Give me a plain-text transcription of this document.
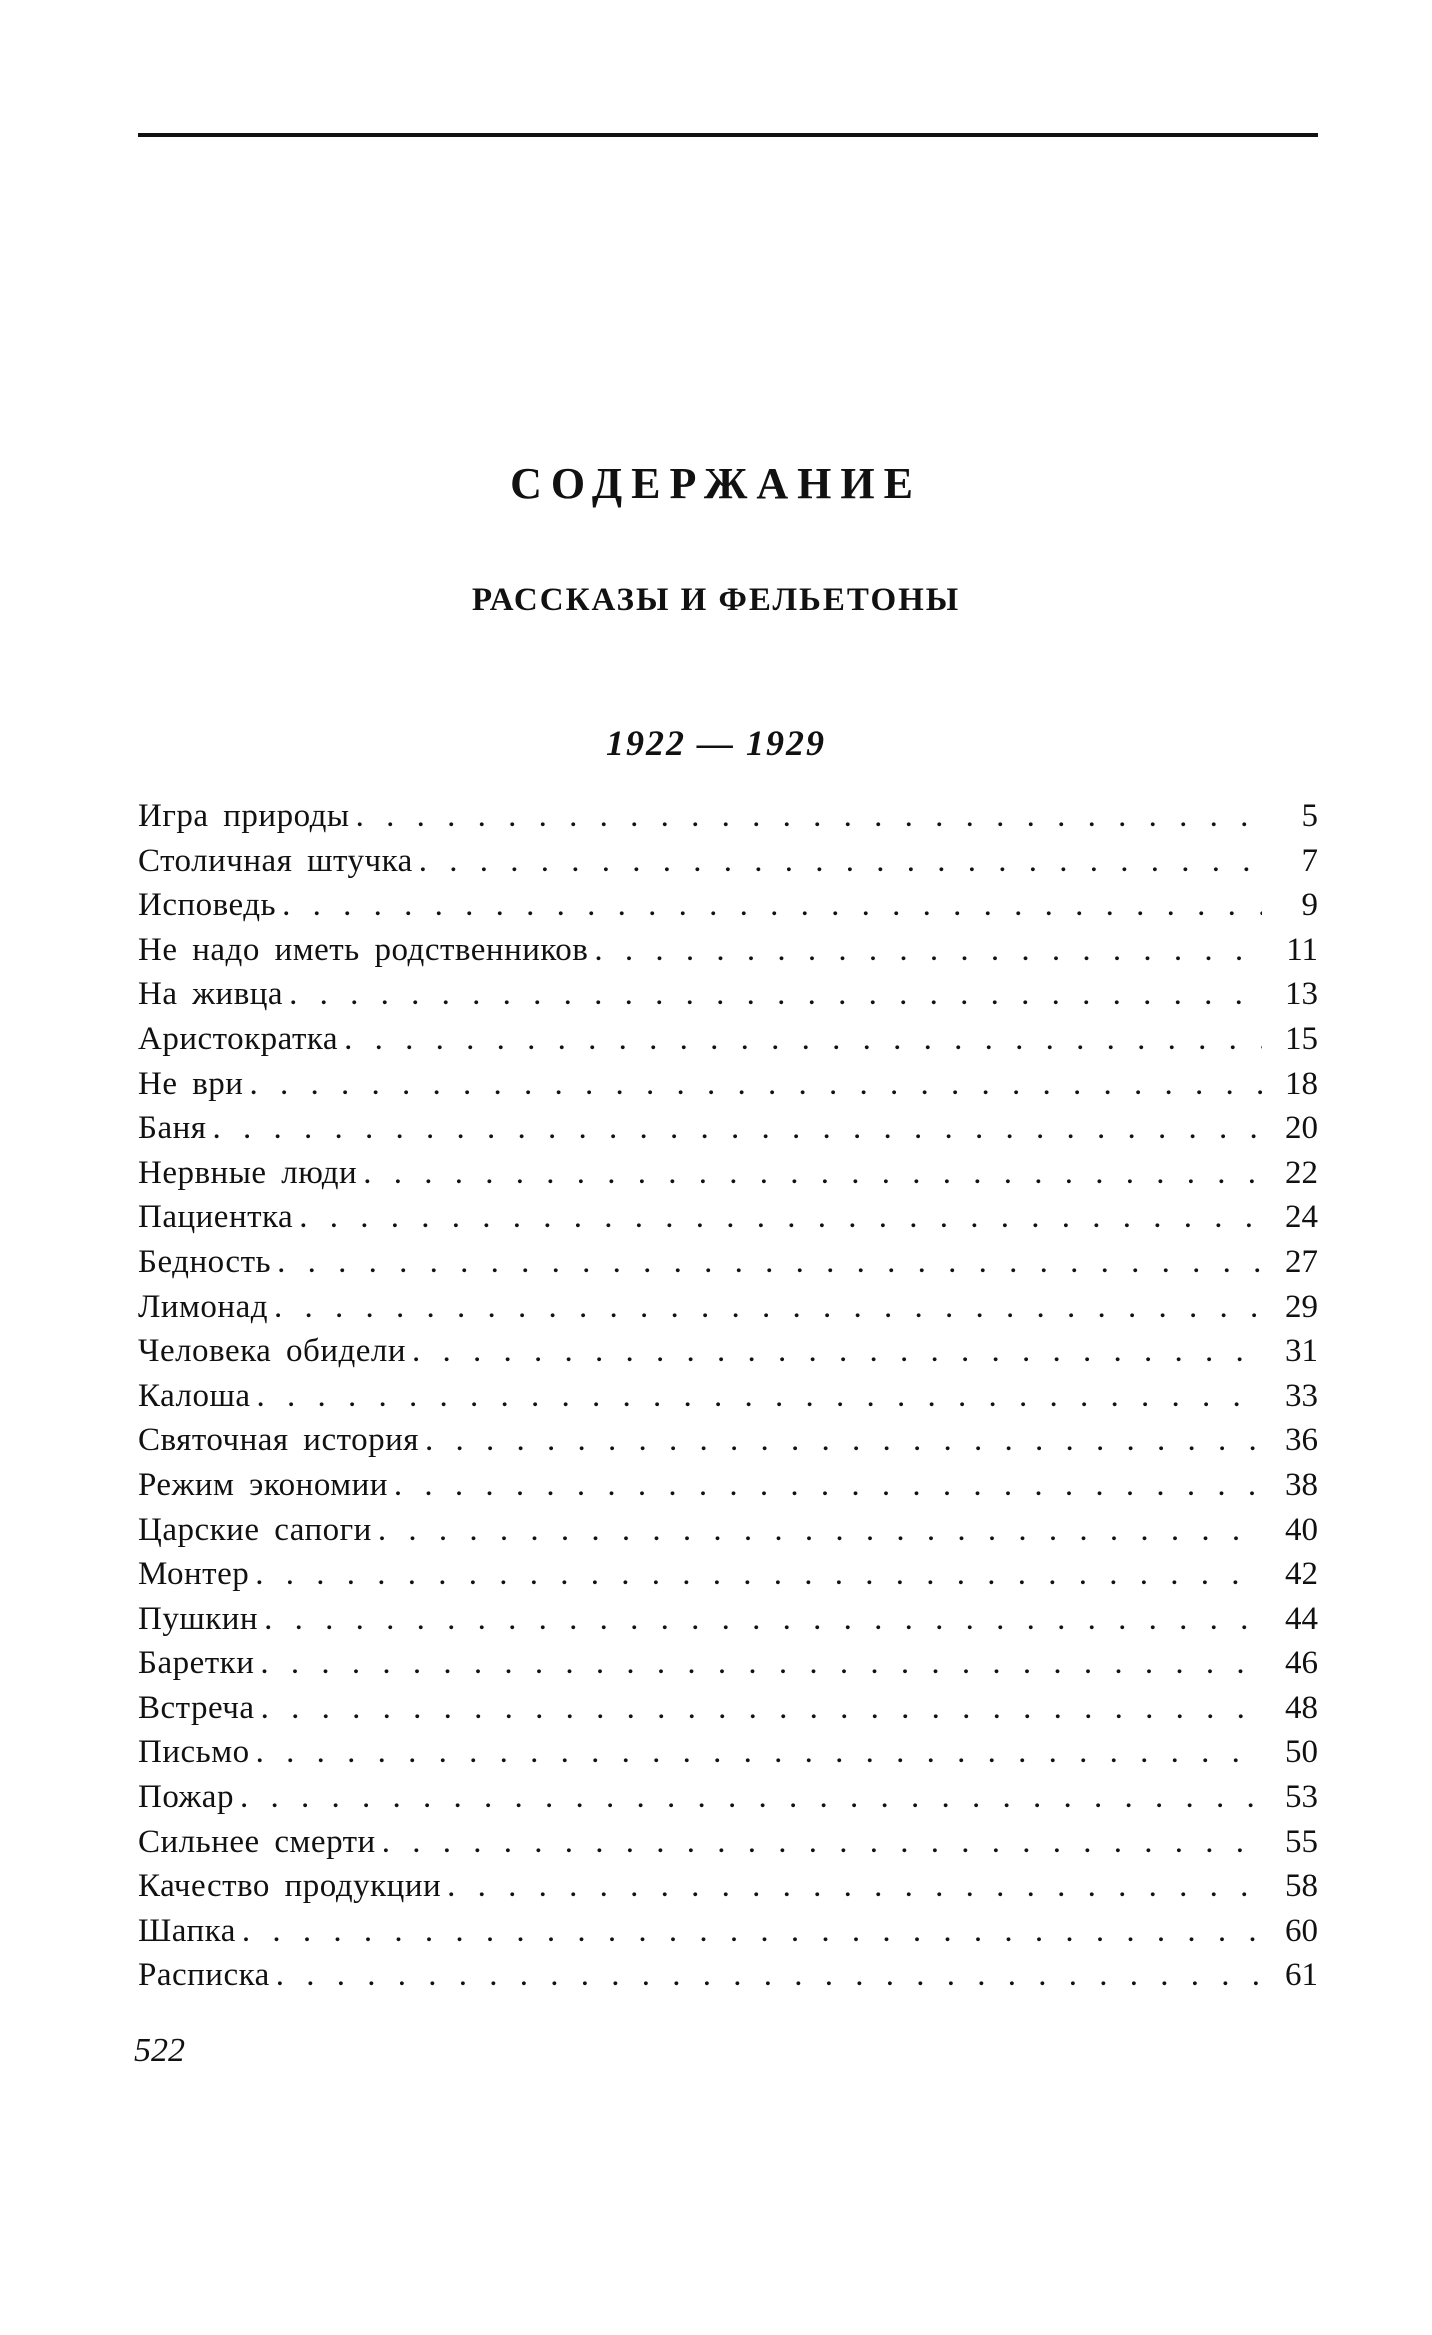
СОДЕРЖАНИЕ
РАССКАЗЫ И ФЕЛЬЕТОНЫ
1922 — 1929
Игра природы . . .	5
Столичная штучка . . .	7
Исповедь . . .	9
Не надо иметь родственников . . .	11
На живца . . .	13
Аристократка . . .	15
Не ври . . .	18
Баня . . .	20
Нервные люди . . .	22
Пациентка . . .	24
Бедность . . .	27
Лимонад . . .	29
Человека обидели . . .	31
Калоша . . .	33
Святочная история . . .	36
Режим экономии . . .	38
Царские сапоги . . .	40
Монтер . . .	42
Пушкин . . .	44
Баретки . . .	46
Встреча . . .	48
Письмо . . .	50
Пожар . . .	53
Сильнее смерти . . .	55
Качество продукции . . .	58
Шапка . . .	60
Расписка . . .	61
522
